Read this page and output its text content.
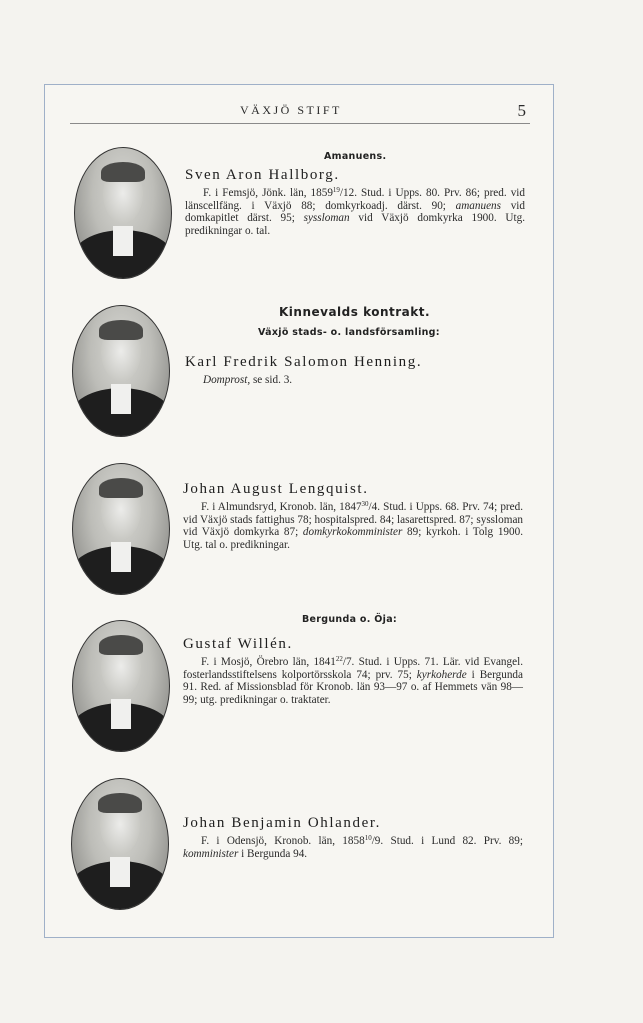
VÄXJÖ STIFT	5
Amanuens.
Sven Aron Hallborg.
F. i Femsjö, Jönk. län, 1859$^{19}$/12. Stud. i Upps. 80. Prv. 86; pred. vid länscellfäng. i Växjö 88; domkyrkoadj. därst. 90; amanuens vid domkapitlet därst. 95; syssloman vid Växjö domkyrka 1900. Utg. predikningar o. tal.
Kinnevalds kontrakt.
Växjö stads- o. landsförsamling:
Karl Fredrik Salomon Henning.
Domprost, se sid. 3.
Johan August Lengquist.
F. i Almundsryd, Kronob. län, 1847$^{30}$/4. Stud. i Upps. 68. Prv. 74; pred. vid Växjö stads fattighus 78; hospitalspred. 84; lasarettspred. 87; syssloman vid Växjö domkyrka 87; domkyrkokomminister 89; kyrkoh. i Tolg 1900. Utg. tal o. predikningar.
Bergunda o. Öja:
Gustaf Willén.
F. i Mosjö, Örebro län, 1841$^{22}$/7. Stud. i Upps. 71. Lär. vid Evangel. fosterlandsstiftelsens kolportörsskola 74; prv. 75; kyrkoherde i Bergunda 91. Red. af Missionsblad för Kronob. län 93—97 o. af Hemmets vän 98—99; utg. predikningar o. traktater.
Johan Benjamin Ohlander.
F. i Odensjö, Kronob. län, 1858$^{10}$/9. Stud. i Lund 82. Prv. 89; komminister i Bergunda 94.
